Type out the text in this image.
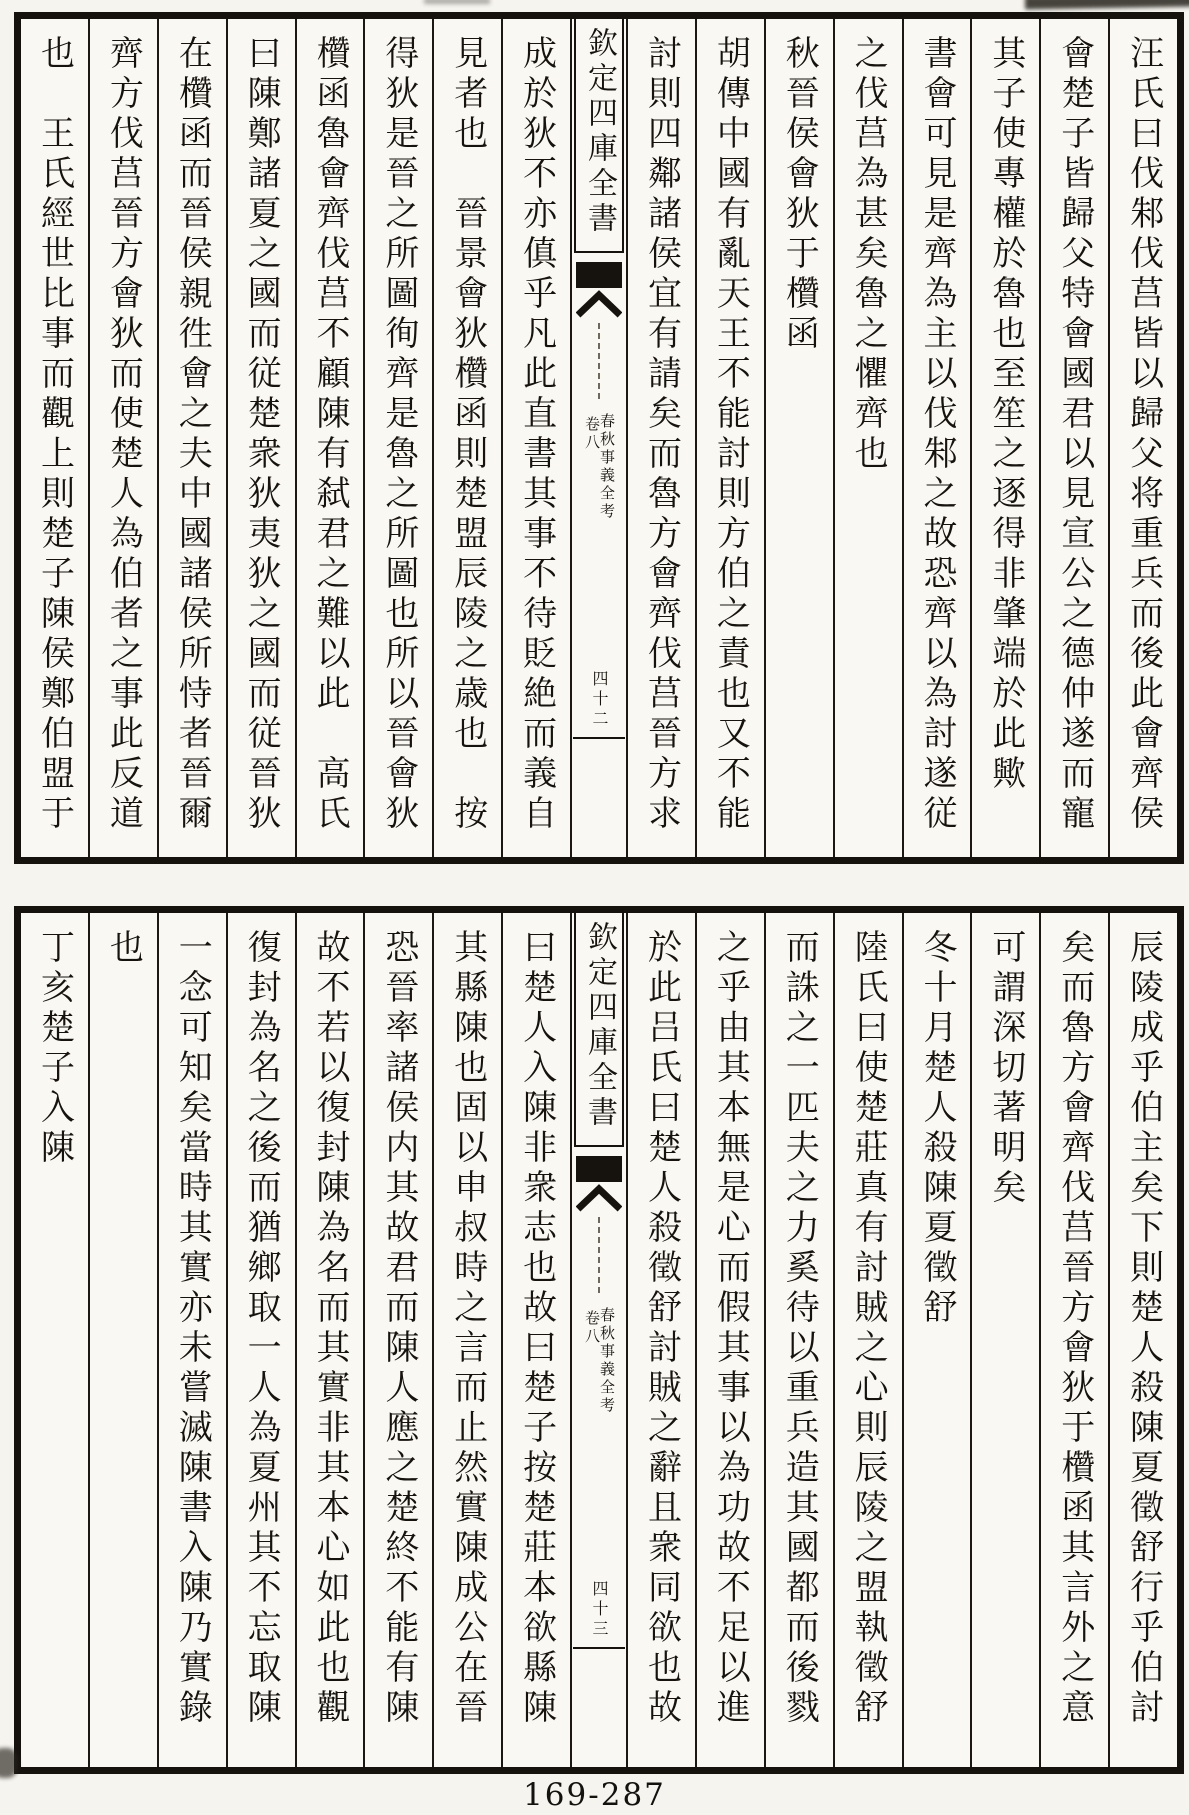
汪氏曰伐邾伐莒皆以歸父将重兵而後此會齊侯
會楚子皆歸父特會國君以見宣公之德仲遂而寵
其子使專權於魯也至笙之逐得非肇端於此歟
書會可見是齊為主以伐邾之故恐齊以為討遂従
之伐莒為甚矣魯之懼齊也
秋晉侯會狄于欑函
胡傳中國有亂天王不能討則方伯之責也又不能
討則四鄰諸侯宜有請矣而魯方會齊伐莒晉方求
欽定四庫全書
春秋事義全考
卷八
四十二
成於狄不亦傎乎凡此直書其事不待貶絶而義自
見者也　晉景會狄欑函則楚盟辰陵之歳也　按
得狄是晉之所圖徇齊是魯之所圖也所以晉會狄
欑函魯會齊伐莒不顧陳有弑君之難以此　高氏
曰陳鄭諸夏之國而従楚衆狄夷狄之國而従晉狄
在欑函而晉侯親徃會之夫中國諸侯所恃者晉爾
齊方伐莒晉方會狄而使楚人為伯者之事此反道
也　王氏經世比事而觀上則楚子陳侯鄭伯盟于
辰陵成乎伯主矣下則楚人殺陳夏徵舒行乎伯討
矣而魯方會齊伐莒晉方會狄于欑函其言外之意
可謂深切著明矣
冬十月楚人殺陳夏徵舒
陸氏曰使楚莊真有討賊之心則辰陵之盟執徵舒
而誅之一匹夫之力奚待以重兵造其國都而後戮
之乎由其本無是心而假其事以為功故不足以進
於此吕氏曰楚人殺徵舒討賊之辭且衆同欲也故
欽定四庫全書
春秋事義全考
卷八
四十三
曰楚人入陳非衆志也故曰楚子按楚莊本欲縣陳
其縣陳也固以申叔時之言而止然實陳成公在晉
恐晉率諸侯内其故君而陳人應之楚終不能有陳
故不若以復封陳為名而其實非其本心如此也觀
復封為名之後而猶鄉取一人為夏州其不忘取陳
一念可知矣當時其實亦未嘗滅陳書入陳乃實錄
也
丁亥楚子入陳
169-287
